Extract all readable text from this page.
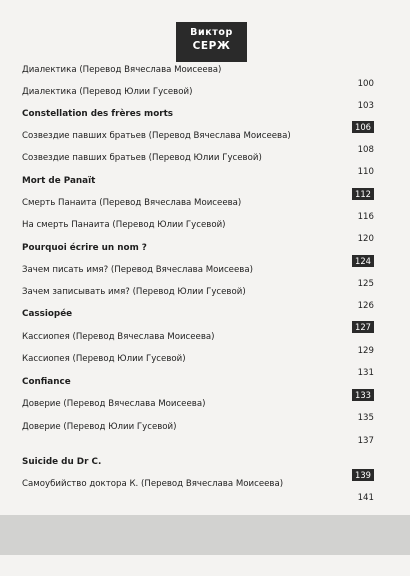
Виктор
СЕРЖ
Диалектика (Перевод Вячеслава Моисеева)
100
Диалектика (Перевод Юлии Гусевой)
103
Constellation des frères morts
106
Созвездие павших братьев (Перевод Вячеслава Моисеева)
108
Созвездие павших братьев (Перевод Юлии Гусевой)
110
Mort de Panaït
112
Смерть Панаита (Перевод Вячеслава Моисеева)
116
На смерть Панаита (Перевод Юлии Гусевой)
120
Pourquoi écrire un nom ?
124
Зачем писать имя? (Перевод Вячеслава Моисеева)
125
Зачем записывать имя? (Перевод Юлии Гусевой)
126
Cassiopée
127
Кассиопея (Перевод Вячеслава Моисеева)
129
Кассиопея (Перевод Юлии Гусевой)
131
Confiance
133
Доверие (Перевод Вячеслава Моисеева)
135
Доверие (Перевод Юлии Гусевой)
137
Suicide du Dr C.
139
Самоубийство доктора К. (Перевод Вячеслава Моисеева)
141
